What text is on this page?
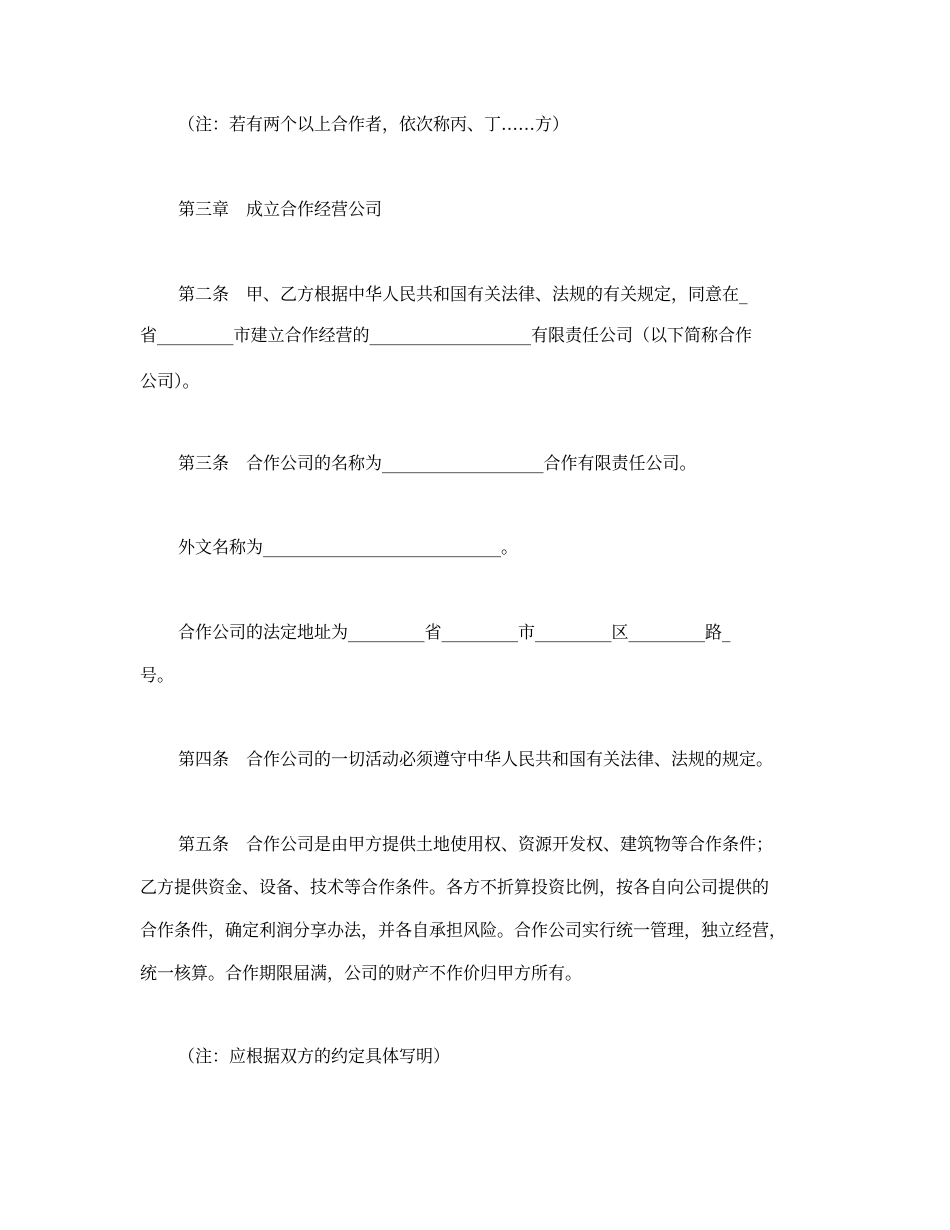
（注：若有两个以上合作者，依次称丙、丁……方）
第三章　成立合作经营公司
第二条　甲、乙方根据中华人民共和国有关法律、法规的有关规定，同意在_
省_________市建立合作经营的___________________有限责任公司（以下简称合作
公司）。
第三条　合作公司的名称为___________________合作有限责任公司。
外文名称为____________________________。
合作公司的法定地址为_________省_________市_________区_________路_
号。
第四条　合作公司的一切活动必须遵守中华人民共和国有关法律、法规的规定。
第五条　合作公司是由甲方提供土地使用权、资源开发权、建筑物等合作条件；
乙方提供资金、设备、技术等合作条件。各方不折算投资比例，按各自向公司提供的
合作条件，确定利润分享办法，并各自承担风险。合作公司实行统一管理，独立经营，
统一核算。合作期限届满，公司的财产不作价归甲方所有。
（注：应根据双方的约定具体写明）
